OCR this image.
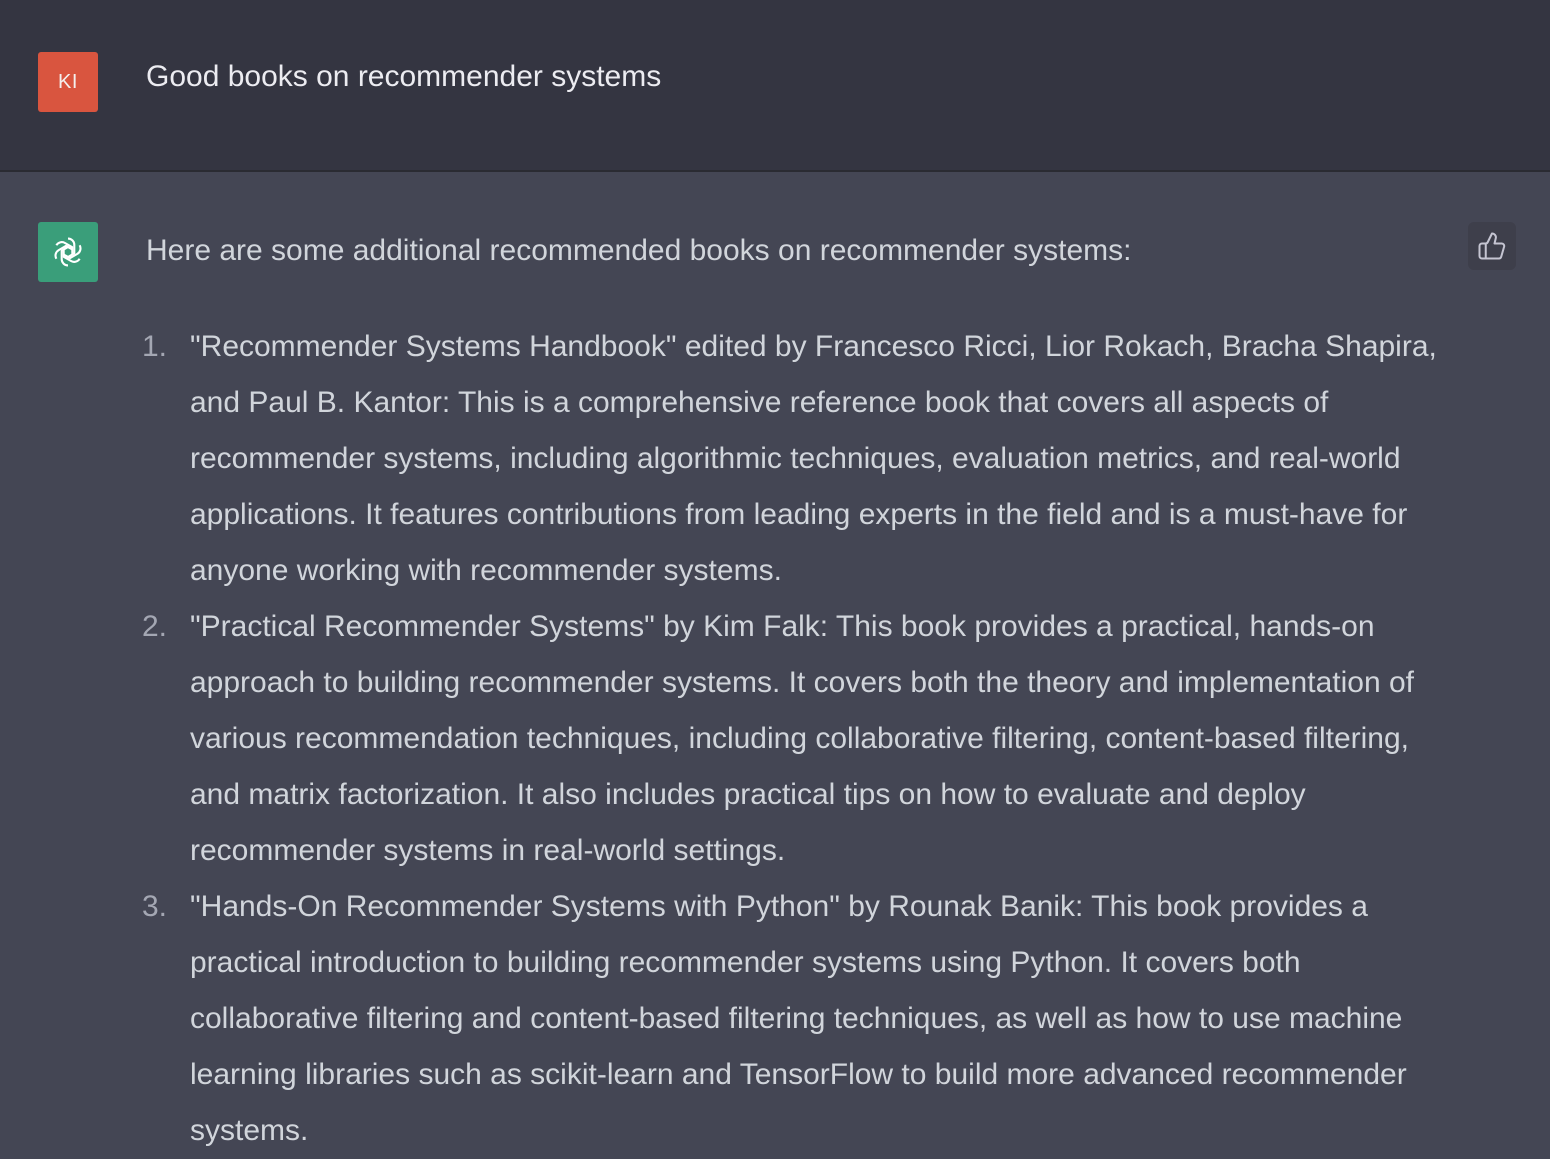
KI	Good books on recommender systems
Here are some additional recommended books on recommender systems:
1. "Recommender Systems Handbook" edited by Francesco Ricci, Lior Rokach, Bracha Shapira, and Paul B. Kantor: This is a comprehensive reference book that covers all aspects of recommender systems, including algorithmic techniques, evaluation metrics, and real-world applications. It features contributions from leading experts in the field and is a must-have for anyone working with recommender systems.
2. "Practical Recommender Systems" by Kim Falk: This book provides a practical, hands-on approach to building recommender systems. It covers both the theory and implementation of various recommendation techniques, including collaborative filtering, content-based filtering, and matrix factorization. It also includes practical tips on how to evaluate and deploy recommender systems in real-world settings.
3. "Hands-On Recommender Systems with Python" by Rounak Banik: This book provides a practical introduction to building recommender systems using Python. It covers both collaborative filtering and content-based filtering techniques, as well as how to use machine learning libraries such as scikit-learn and TensorFlow to build more advanced recommender systems.
